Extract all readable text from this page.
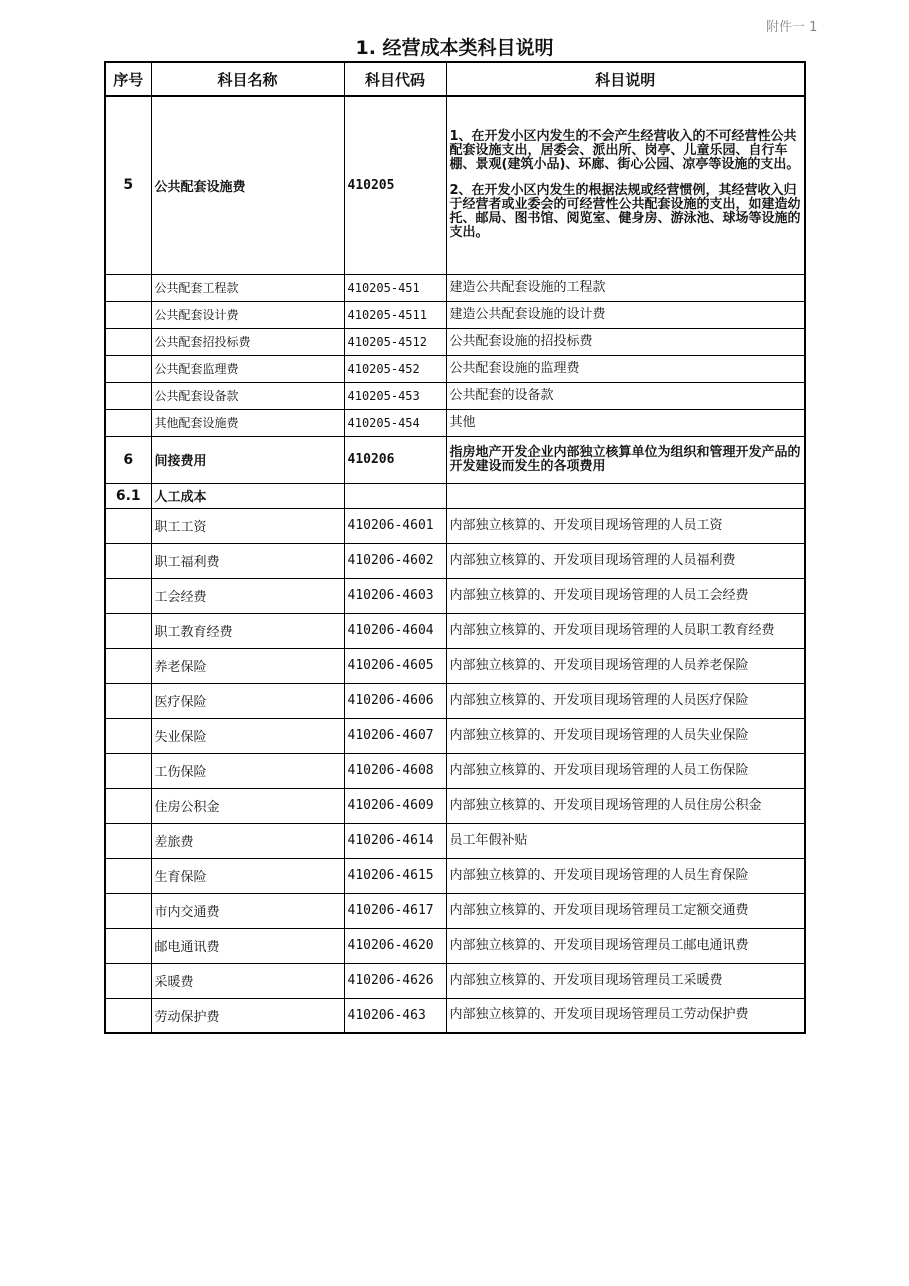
附件一 1
1. 经营成本类科目说明
序号	科目名称	科目代码	科目说明
5	公共配套设施费	410205	1、在开发小区内发生的不会产生经营收入的不可经营性公共配套设施支出，居委会、派出所、岗亭、儿童乐园、自行车棚、景观(建筑小品)、环廊、街心公园、凉亭等设施的支出。
2、在开发小区内发生的根据法规或经营惯例，其经营收入归于经营者或业委会的可经营性公共配套设施的支出，如建造幼托、邮局、图书馆、阅览室、健身房、游泳池、球场等设施的支出。

	公共配套工程款	410205-451	建造公共配套设施的工程款
	公共配套设计费	410205-4511	建造公共配套设施的设计费
	公共配套招投标费	410205-4512	公共配套设施的招投标费
	公共配套监理费	410205-452	公共配套设施的监理费
	公共配套设备款	410205-453	公共配套的设备款
	其他配套设施费	410205-454	其他
6	间接费用	410206	指房地产开发企业内部独立核算单位为组织和管理开发产品的开发建设而发生的各项费用
6.1	人工成本		
	职工工资	410206-4601	内部独立核算的、开发项目现场管理的人员工资
	职工福利费	410206-4602	内部独立核算的、开发项目现场管理的人员福利费
	工会经费	410206-4603	内部独立核算的、开发项目现场管理的人员工会经费
	职工教育经费	410206-4604	内部独立核算的、开发项目现场管理的人员职工教育经费
	养老保险	410206-4605	内部独立核算的、开发项目现场管理的人员养老保险
	医疗保险	410206-4606	内部独立核算的、开发项目现场管理的人员医疗保险
	失业保险	410206-4607	内部独立核算的、开发项目现场管理的人员失业保险
	工伤保险	410206-4608	内部独立核算的、开发项目现场管理的人员工伤保险
	住房公积金	410206-4609	内部独立核算的、开发项目现场管理的人员住房公积金
	差旅费	410206-4614	员工年假补贴
	生育保险	410206-4615	内部独立核算的、开发项目现场管理的人员生育保险
	市内交通费	410206-4617	内部独立核算的、开发项目现场管理员工定额交通费
	邮电通讯费	410206-4620	内部独立核算的、开发项目现场管理员工邮电通讯费
	采暖费	410206-4626	内部独立核算的、开发项目现场管理员工采暖费
	劳动保护费	410206-463	内部独立核算的、开发项目现场管理员工劳动保护费
